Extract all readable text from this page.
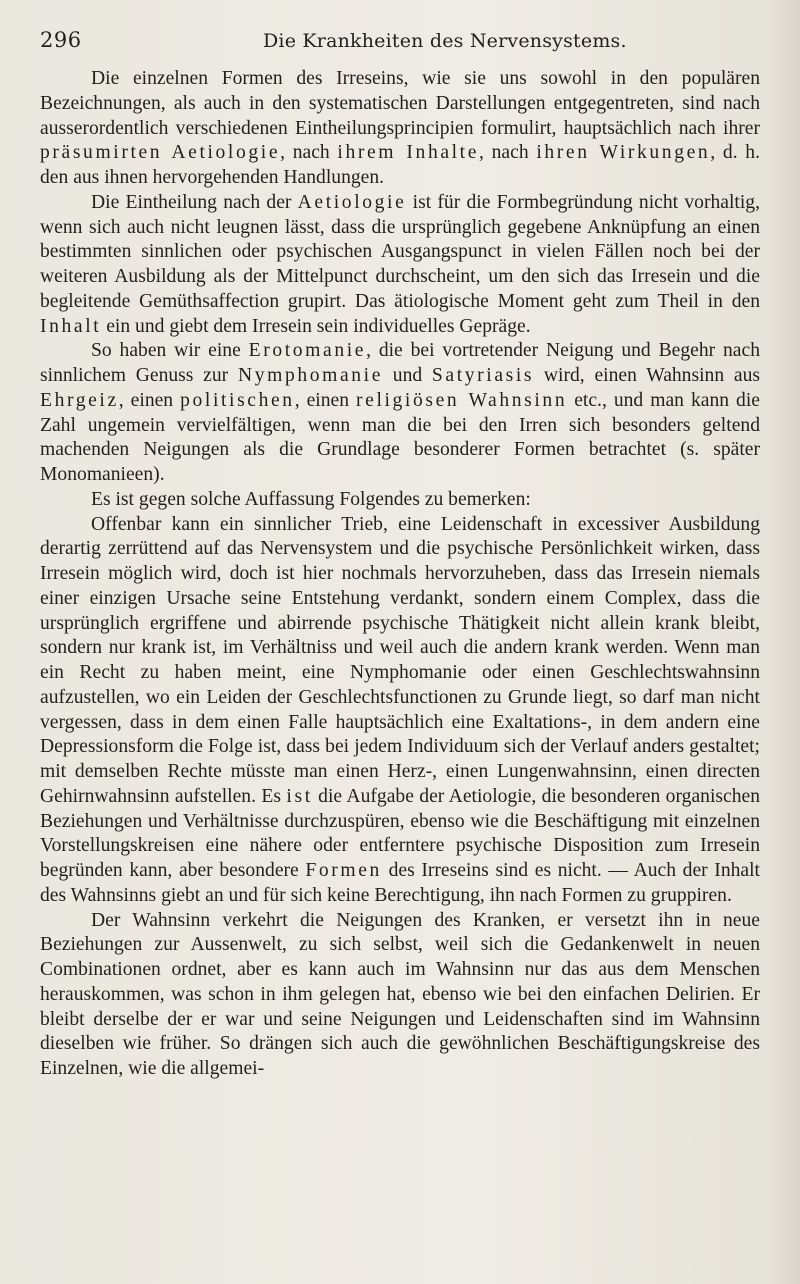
296	Die Krankheiten des Nervensystems.

Die einzelnen Formen des Irreseins, wie sie uns sowohl in den populären Bezeichnungen, als auch in den systematischen Darstellungen entgegentreten, sind nach ausserordentlich verschiedenen Eintheilungsprincipien formulirt, hauptsächlich nach ihrer präsumirten Aetiologie, nach ihrem Inhalte, nach ihren Wirkungen, d. h. den aus ihnen hervorgehenden Handlungen.

Die Eintheilung nach der Aetiologie ist für die Formbegründung nicht vorhaltig, wenn sich auch nicht leugnen lässt, dass die ursprünglich gegebene Anknüpfung an einen bestimmten sinnlichen oder psychischen Ausgangspunct in vielen Fällen noch bei der weiteren Ausbildung als der Mittelpunct durchscheint, um den sich das Irresein und die begleitende Gemüthsaffection grupirt. Das ätiologische Moment geht zum Theil in den Inhalt ein und giebt dem Irresein sein individuelles Gepräge.

So haben wir eine Erotomanie, die bei vortretender Neigung und Begehr nach sinnlichem Genuss zur Nymphomanie und Satyriasis wird, einen Wahnsinn aus Ehrgeiz, einen politischen, einen religiösen Wahnsinn etc., und man kann die Zahl ungemein vervielfältigen, wenn man die bei den Irren sich besonders geltend machenden Neigungen als die Grundlage besonderer Formen betrachtet (s. später Monomanieen).

Es ist gegen solche Auffassung Folgendes zu bemerken:

Offenbar kann ein sinnlicher Trieb, eine Leidenschaft in excessiver Ausbildung derartig zerrüttend auf das Nervensystem und die psychische Persönlichkeit wirken, dass Irresein möglich wird, doch ist hier nochmals hervorzuheben, dass das Irresein niemals einer einzigen Ursache seine Entstehung verdankt, sondern einem Complex, dass die ursprünglich ergriffene und abirrende psychische Thätigkeit nicht allein krank bleibt, sondern nur krank ist, im Verhältniss und weil auch die andern krank werden. Wenn man ein Recht zu haben meint, eine Nymphomanie oder einen Geschlechtswahnsinn aufzustellen, wo ein Leiden der Geschlechtsfunctionen zu Grunde liegt, so darf man nicht vergessen, dass in dem einen Falle hauptsächlich eine Exaltations-, in dem andern eine Depressionsform die Folge ist, dass bei jedem Individuum sich der Verlauf anders gestaltet; mit demselben Rechte müsste man einen Herz-, einen Lungenwahnsinn, einen directen Gehirnwahnsinn aufstellen. Es ist die Aufgabe der Aetiologie, die besonderen organischen Beziehungen und Verhältnisse durchzuspüren, ebenso wie die Beschäftigung mit einzelnen Vorstellungskreisen eine nähere oder entferntere psychische Disposition zum Irresein begründen kann, aber besondere Formen des Irreseins sind es nicht. — Auch der Inhalt des Wahnsinns giebt an und für sich keine Berechtigung, ihn nach Formen zu gruppiren.

Der Wahnsinn verkehrt die Neigungen des Kranken, er versetzt ihn in neue Beziehungen zur Aussenwelt, zu sich selbst, weil sich die Gedankenwelt in neuen Combinationen ordnet, aber es kann auch im Wahnsinn nur das aus dem Menschen herauskommen, was schon in ihm gelegen hat, ebenso wie bei den einfachen Delirien. Er bleibt derselbe der er war und seine Neigungen und Leidenschaften sind im Wahnsinn dieselben wie früher. So drängen sich auch die gewöhnlichen Beschäftigungskreise des Einzelnen, wie die allgemei-
